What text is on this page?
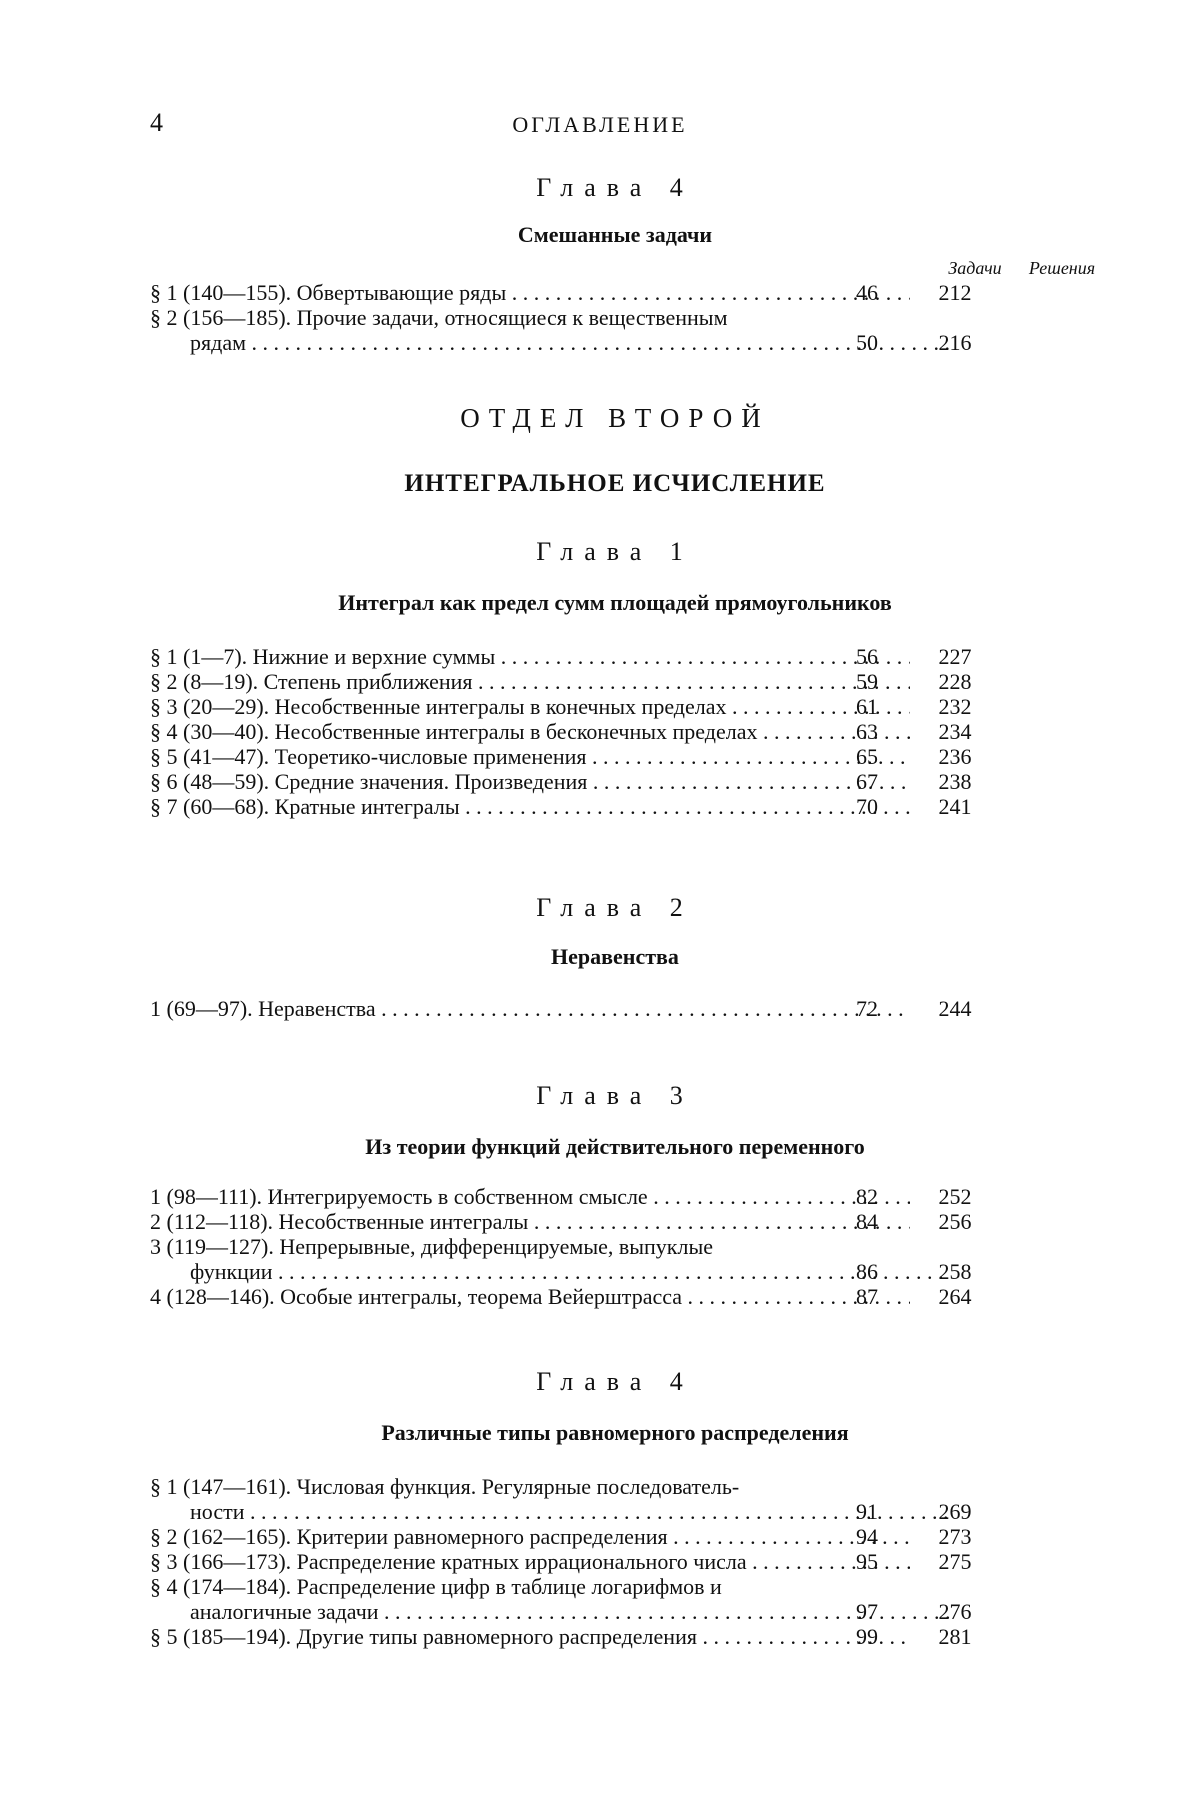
4	ОГЛАВЛЕНИЕ
Глава 4
Смешанные задачи
Задачи	Решения
§ 1 (140—155). Обвертывающие ряды . . .	46	212
§ 2 (156—185). Прочие задачи, относящиеся к вещественным
рядам . . .	50	216
ОТДЕЛ ВТОРОЙ
ИНТЕГРАЛЬНОЕ ИСЧИСЛЕНИЕ
Глава 1
Интеграл как предел сумм площадей прямоугольников
§ 1 (1—7). Нижние и верхние суммы . . .	56	227
§ 2 (8—19). Степень приближения . . .	59	228
§ 3 (20—29). Несобственные интегралы в конечных пределах . . .	61	232
§ 4 (30—40). Несобственные интегралы в бесконечных пределах . . .	63	234
§ 5 (41—47). Теоретико-числовые применения . . .	65	236
§ 6 (48—59). Средние значения. Произведения . . .	67	238
§ 7 (60—68). Кратные интегралы . . .	70	241
Глава 2
Неравенства
1 (69—97). Неравенства . . .	72	244
Глава 3
Из теории функций действительного переменного
1 (98—111). Интегрируемость в собственном смысле . . .	82	252
2 (112—118). Несобственные интегралы . . .	84	256
3 (119—127). Непрерывные, дифференцируемые, выпуклые
функции . . .	86	258
4 (128—146). Особые интегралы, теорема Вейерштрасса . . .	87	264
Глава 4
Различные типы равномерного распределения
§ 1 (147—161). Числовая функция. Регулярные последователь-
ности . . .	91	269
§ 2 (162—165). Критерии равномерного распределения . . .	94	273
§ 3 (166—173). Распределение кратных иррационального числа . . .	95	275
§ 4 (174—184). Распределение цифр в таблице логарифмов и
аналогичные задачи . . .	97	276
§ 5 (185—194). Другие типы равномерного распределения . . .	99	281
